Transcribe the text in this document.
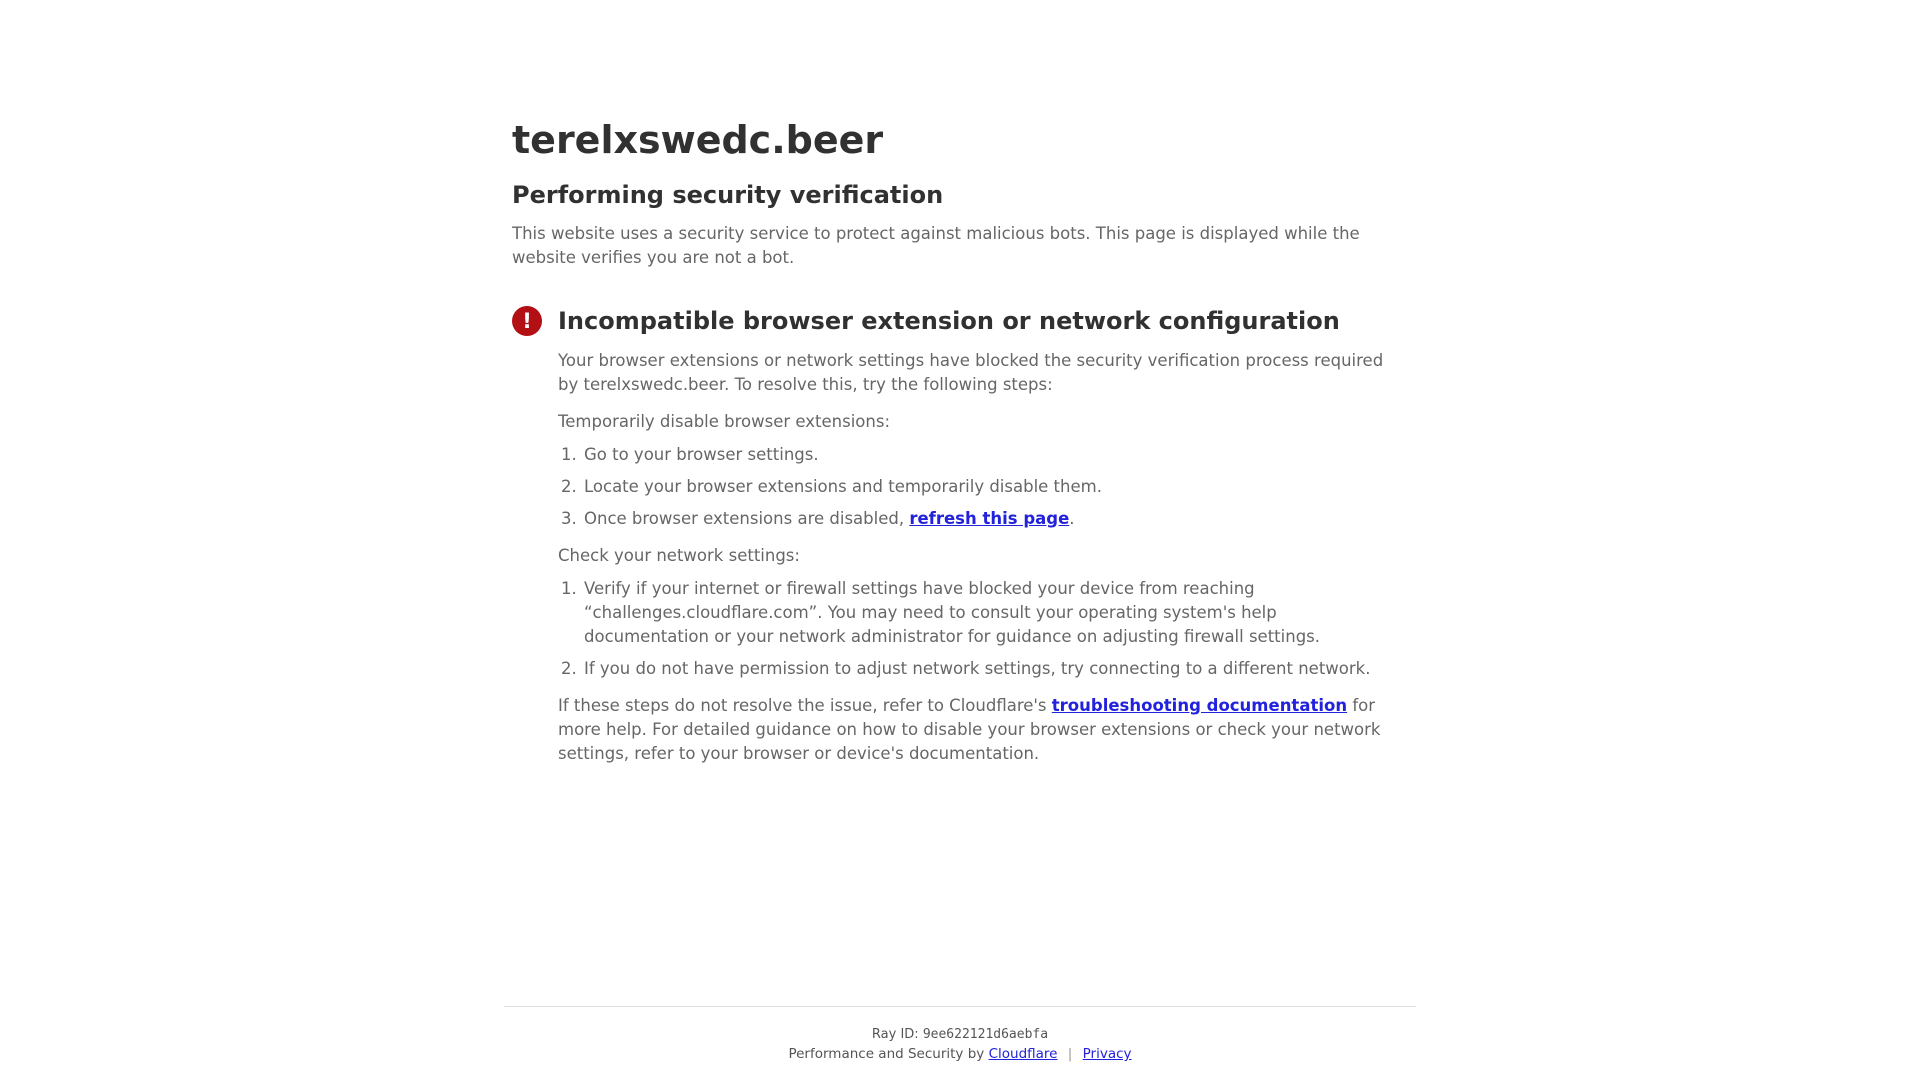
terelxswedc.beer
Performing security verification

This website uses a security service to protect against malicious bots. This page is displayed while the website verifies you are not a bot.

!	Incompatible browser extension or network configuration

Your browser extensions or network settings have blocked the security verification process required by terelxswedc.beer. To resolve this, try the following steps:

Temporarily disable browser extensions:

1. Go to your browser settings.
2. Locate your browser extensions and temporarily disable them.
3. Once browser extensions are disabled, refresh this page.

Check your network settings:

1. Verify if your internet or firewall settings have blocked your device from reaching “challenges.cloudflare.com”. You may need to consult your operating system's help documentation or your network administrator for guidance on adjusting firewall settings.
2. If you do not have permission to adjust network settings, try connecting to a different network.

If these steps do not resolve the issue, refer to Cloudflare's troubleshooting documentation for more help. For detailed guidance on how to disable your browser extensions or check your network settings, refer to your browser or device's documentation.

Ray ID: 9ee622121d6aebfa
Performance and Security by Cloudflare | Privacy
